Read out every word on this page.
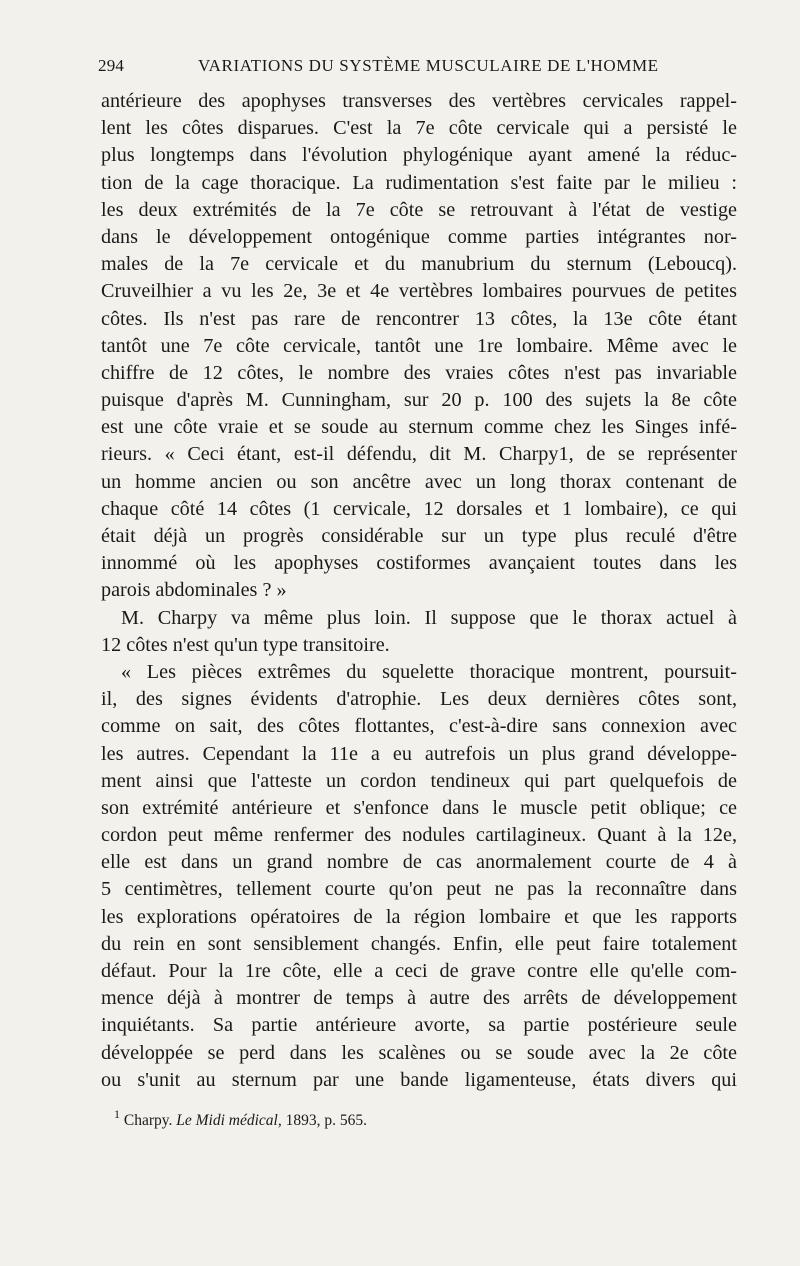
294	VARIATIONS DU SYSTÈME MUSCULAIRE DE L'HOMME
antérieure des apophyses transverses des vertèbres cervicales rappel-
lent les côtes disparues. C'est la 7e côte cervicale qui a persisté le
plus longtemps dans l'évolution phylogénique ayant amené la réduc-
tion de la cage thoracique. La rudimentation s'est faite par le milieu :
les deux extrémités de la 7e côte se retrouvant à l'état de vestige
dans le développement ontogénique comme parties intégrantes nor-
males de la 7e cervicale et du manubrium du sternum (Leboucq).
Cruveilhier a vu les 2e, 3e et 4e vertèbres lombaires pourvues de petites
côtes. Ils n'est pas rare de rencontrer 13 côtes, la 13e côte étant
tantôt une 7e côte cervicale, tantôt une 1re lombaire. Même avec le
chiffre de 12 côtes, le nombre des vraies côtes n'est pas invariable
puisque d'après M. Cunningham, sur 20 p. 100 des sujets la 8e côte
est une côte vraie et se soude au sternum comme chez les Singes infé-
rieurs. « Ceci étant, est-il défendu, dit M. Charpy1, de se représenter
un homme ancien ou son ancêtre avec un long thorax contenant de
chaque côté 14 côtes (1 cervicale, 12 dorsales et 1 lombaire), ce qui
était déjà un progrès considérable sur un type plus reculé d'être
innommé où les apophyses costiformes avançaient toutes dans les
parois abdominales ? »
M. Charpy va même plus loin. Il suppose que le thorax actuel à
12 côtes n'est qu'un type transitoire.
« Les pièces extrêmes du squelette thoracique montrent, poursuit-
il, des signes évidents d'atrophie. Les deux dernières côtes sont,
comme on sait, des côtes flottantes, c'est-à-dire sans connexion avec
les autres. Cependant la 11e a eu autrefois un plus grand développe-
ment ainsi que l'atteste un cordon tendineux qui part quelquefois de
son extrémité antérieure et s'enfonce dans le muscle petit oblique; ce
cordon peut même renfermer des nodules cartilagineux. Quant à la 12e,
elle est dans un grand nombre de cas anormalement courte de 4 à
5 centimètres, tellement courte qu'on peut ne pas la reconnaître dans
les explorations opératoires de la région lombaire et que les rapports
du rein en sont sensiblement changés. Enfin, elle peut faire totalement
défaut. Pour la 1re côte, elle a ceci de grave contre elle qu'elle com-
mence déjà à montrer de temps à autre des arrêts de développement
inquiétants. Sa partie antérieure avorte, sa partie postérieure seule
développée se perd dans les scalènes ou se soude avec la 2e côte
ou s'unit au sternum par une bande ligamenteuse, états divers qui
$^1$ Charpy. Le Midi médical, 1893, p. 565.
